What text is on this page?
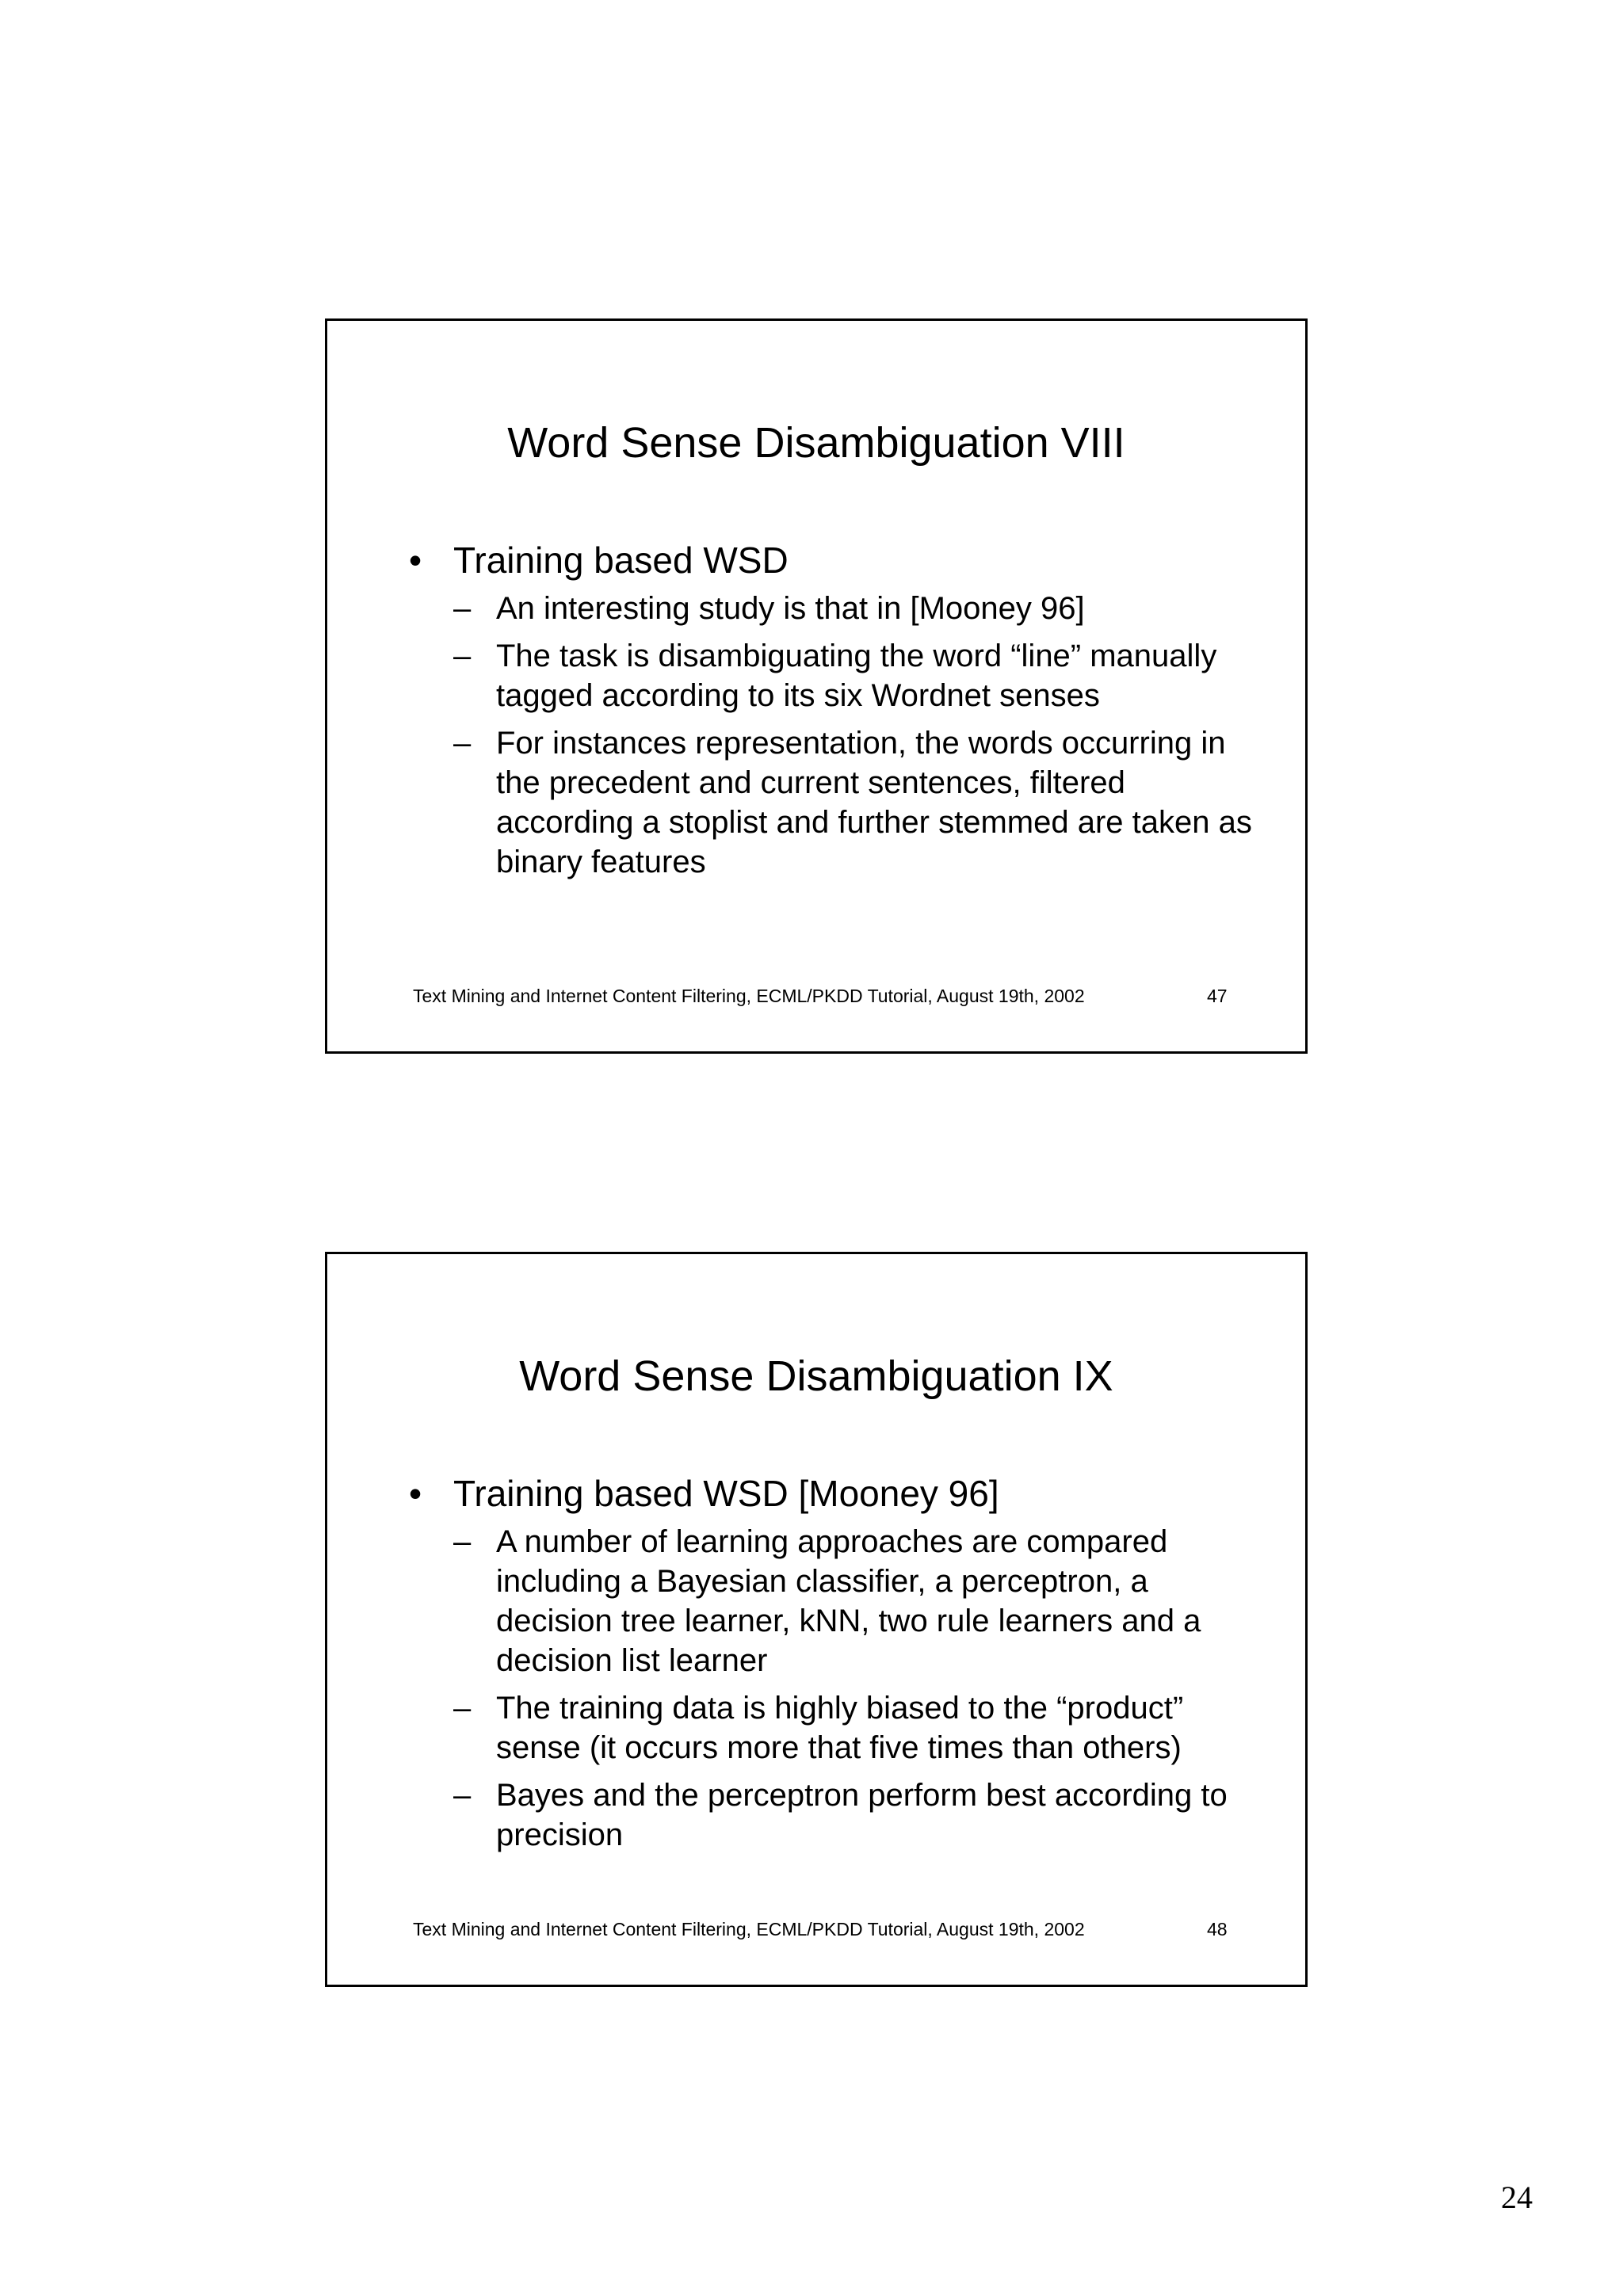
Word Sense Disambiguation VIII
• Training based WSD
– An interesting study is that in [Mooney 96]
– The task is disambiguating the word “line” manually tagged according to its six Wordnet senses
– For instances representation, the words occurring in the precedent and current sentences, filtered according a stoplist and further stemmed are taken as binary features
Text Mining and Internet Content Filtering, ECML/PKDD Tutorial, August 19th, 2002	47
Word Sense Disambiguation IX
• Training based WSD [Mooney 96]
– A number of learning approaches are compared including a Bayesian classifier, a perceptron, a decision tree learner, kNN, two rule learners and a decision list learner
– The training data is highly biased to the “product” sense (it occurs more that five times than others)
– Bayes and the perceptron perform best according to precision
Text Mining and Internet Content Filtering, ECML/PKDD Tutorial, August 19th, 2002	48
24
